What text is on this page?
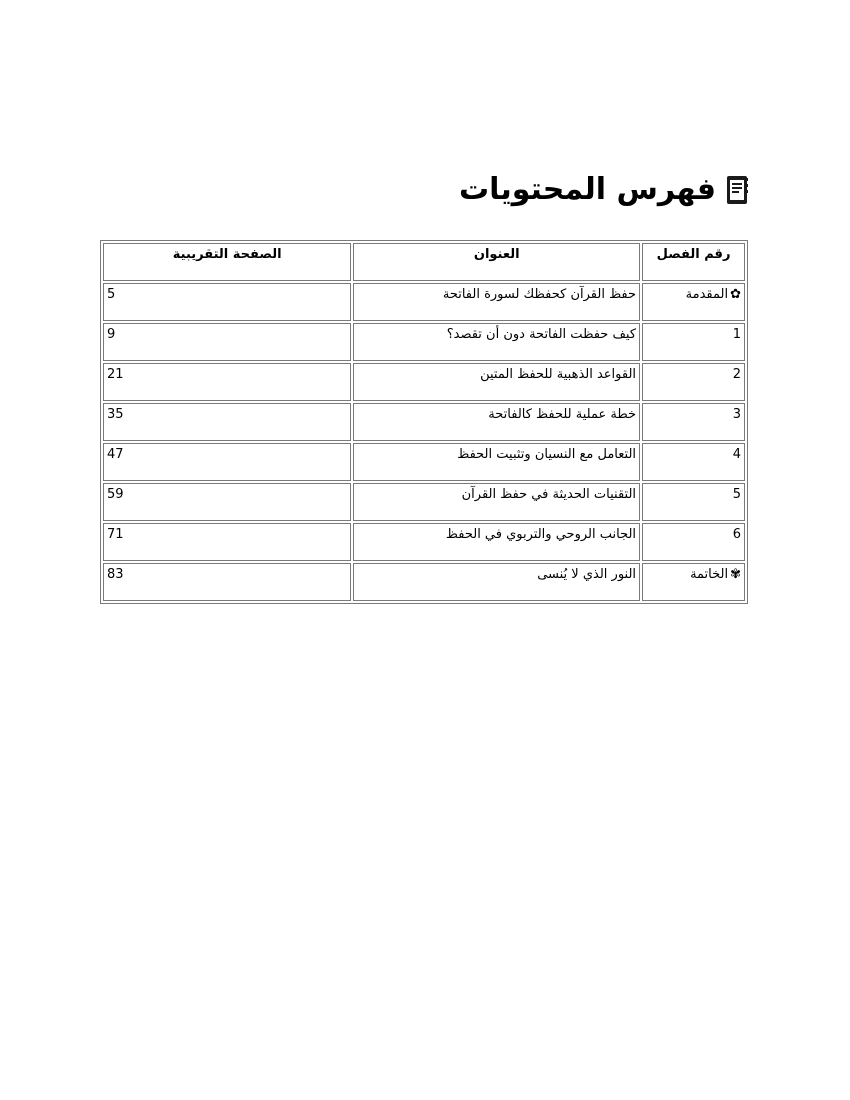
فهرس المحتويات
رقم الفصل	العنوان	الصفحة التقريبية
✿المقدمة	حفظ القرآن كحفظك لسورة الفاتحة	5
1	كيف حفظت الفاتحة دون أن تقصد؟	9
2	القواعد الذهبية للحفظ المتين	21
3	خطة عملية للحفظ كالفاتحة	35
4	التعامل مع النسيان وتثبيت الحفظ	47
5	التقنيات الحديثة في حفظ القرآن	59
6	الجانب الروحي والتربوي في الحفظ	71
✾الخاتمة	النور الذي لا يُنسى	83
